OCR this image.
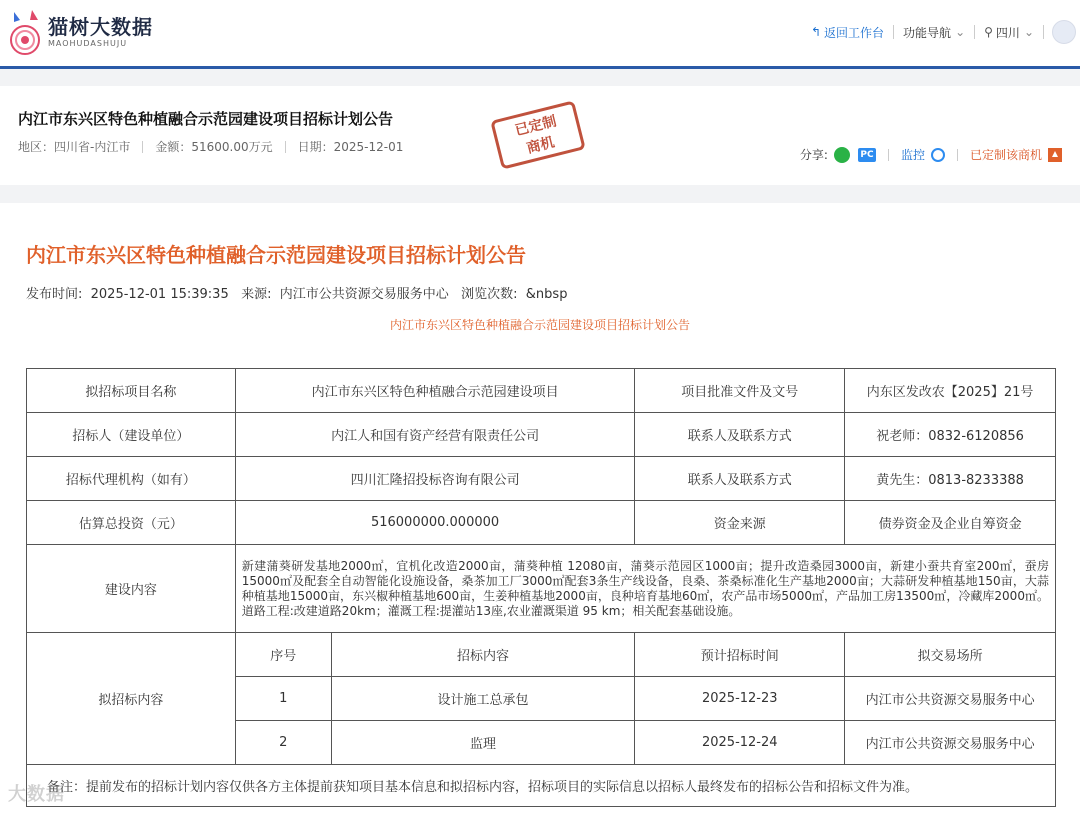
猫树大数据
MAOHUDASHUJU
↰ 返回工作台 功能导航 ⌄ ⚲ 四川 ⌄
内江市东兴区特色种植融合示范园建设项目招标计划公告
地区：四川省-内江市 金额：51600.00万元 日期：2025-12-01
已定制
商机	分享:	PC 监控	已定制该商机
内江市东兴区特色种植融合示范园建设项目招标计划公告
发布时间:  2025-12-01 15:39:35   来源:  内江市公共资源交易服务中心   浏览次数:  &nbsp
内江市东兴区特色种植融合示范园建设项目招标计划公告
拟招标项目名称	内江市东兴区特色种植融合示范园建设项目		项目批准文件及文号	内东区发改农【2025】21号
招标人（建设单位）	内江人和国有资产经营有限责任公司		联系人及联系方式	祝老师：0832-6120856
招标代理机构（如有）	四川汇隆招投标咨询有限公司		联系人及联系方式	黄先生：0813-8233388
估算总投资（元）	516000000.000000		资金来源	债券资金及企业自筹资金
建设内容	新建蒲葵研发基地2000㎡，宜机化改造2000亩，蒲葵种植 12080亩，蒲葵示范园区1000亩；提升改造桑园3000亩，新建小蚕共育室200㎡，蚕房15000㎡及配套全自动智能化设施设备，桑茶加工厂3000㎡配套3条生产线设备，良桑、茶桑标准化生产基地2000亩；大蒜研发种植基地150亩，大蒜种植基地15000亩，东兴椒种植基地600亩，生姜种植基地2000亩，良种培育基地60㎡，农产品市场5000㎡，产品加工房13500㎡，冷藏库2000㎡。道路工程:改建道路20km；灌溉工程:提灌站13座,农业灌溉渠道 95 km；相关配套基础设施。			
拟招标内容	序号	招标内容	预计招标时间	拟交易场所
	1	设计施工总承包	2025-12-23	内江市公共资源交易服务中心
	2	监理	2025-12-24	内江市公共资源交易服务中心
备注：提前发布的招标计划内容仅供各方主体提前获知项目基本信息和拟招标内容，招标项目的实际信息以招标人最终发布的招标公告和招标文件为准。				
大数据
